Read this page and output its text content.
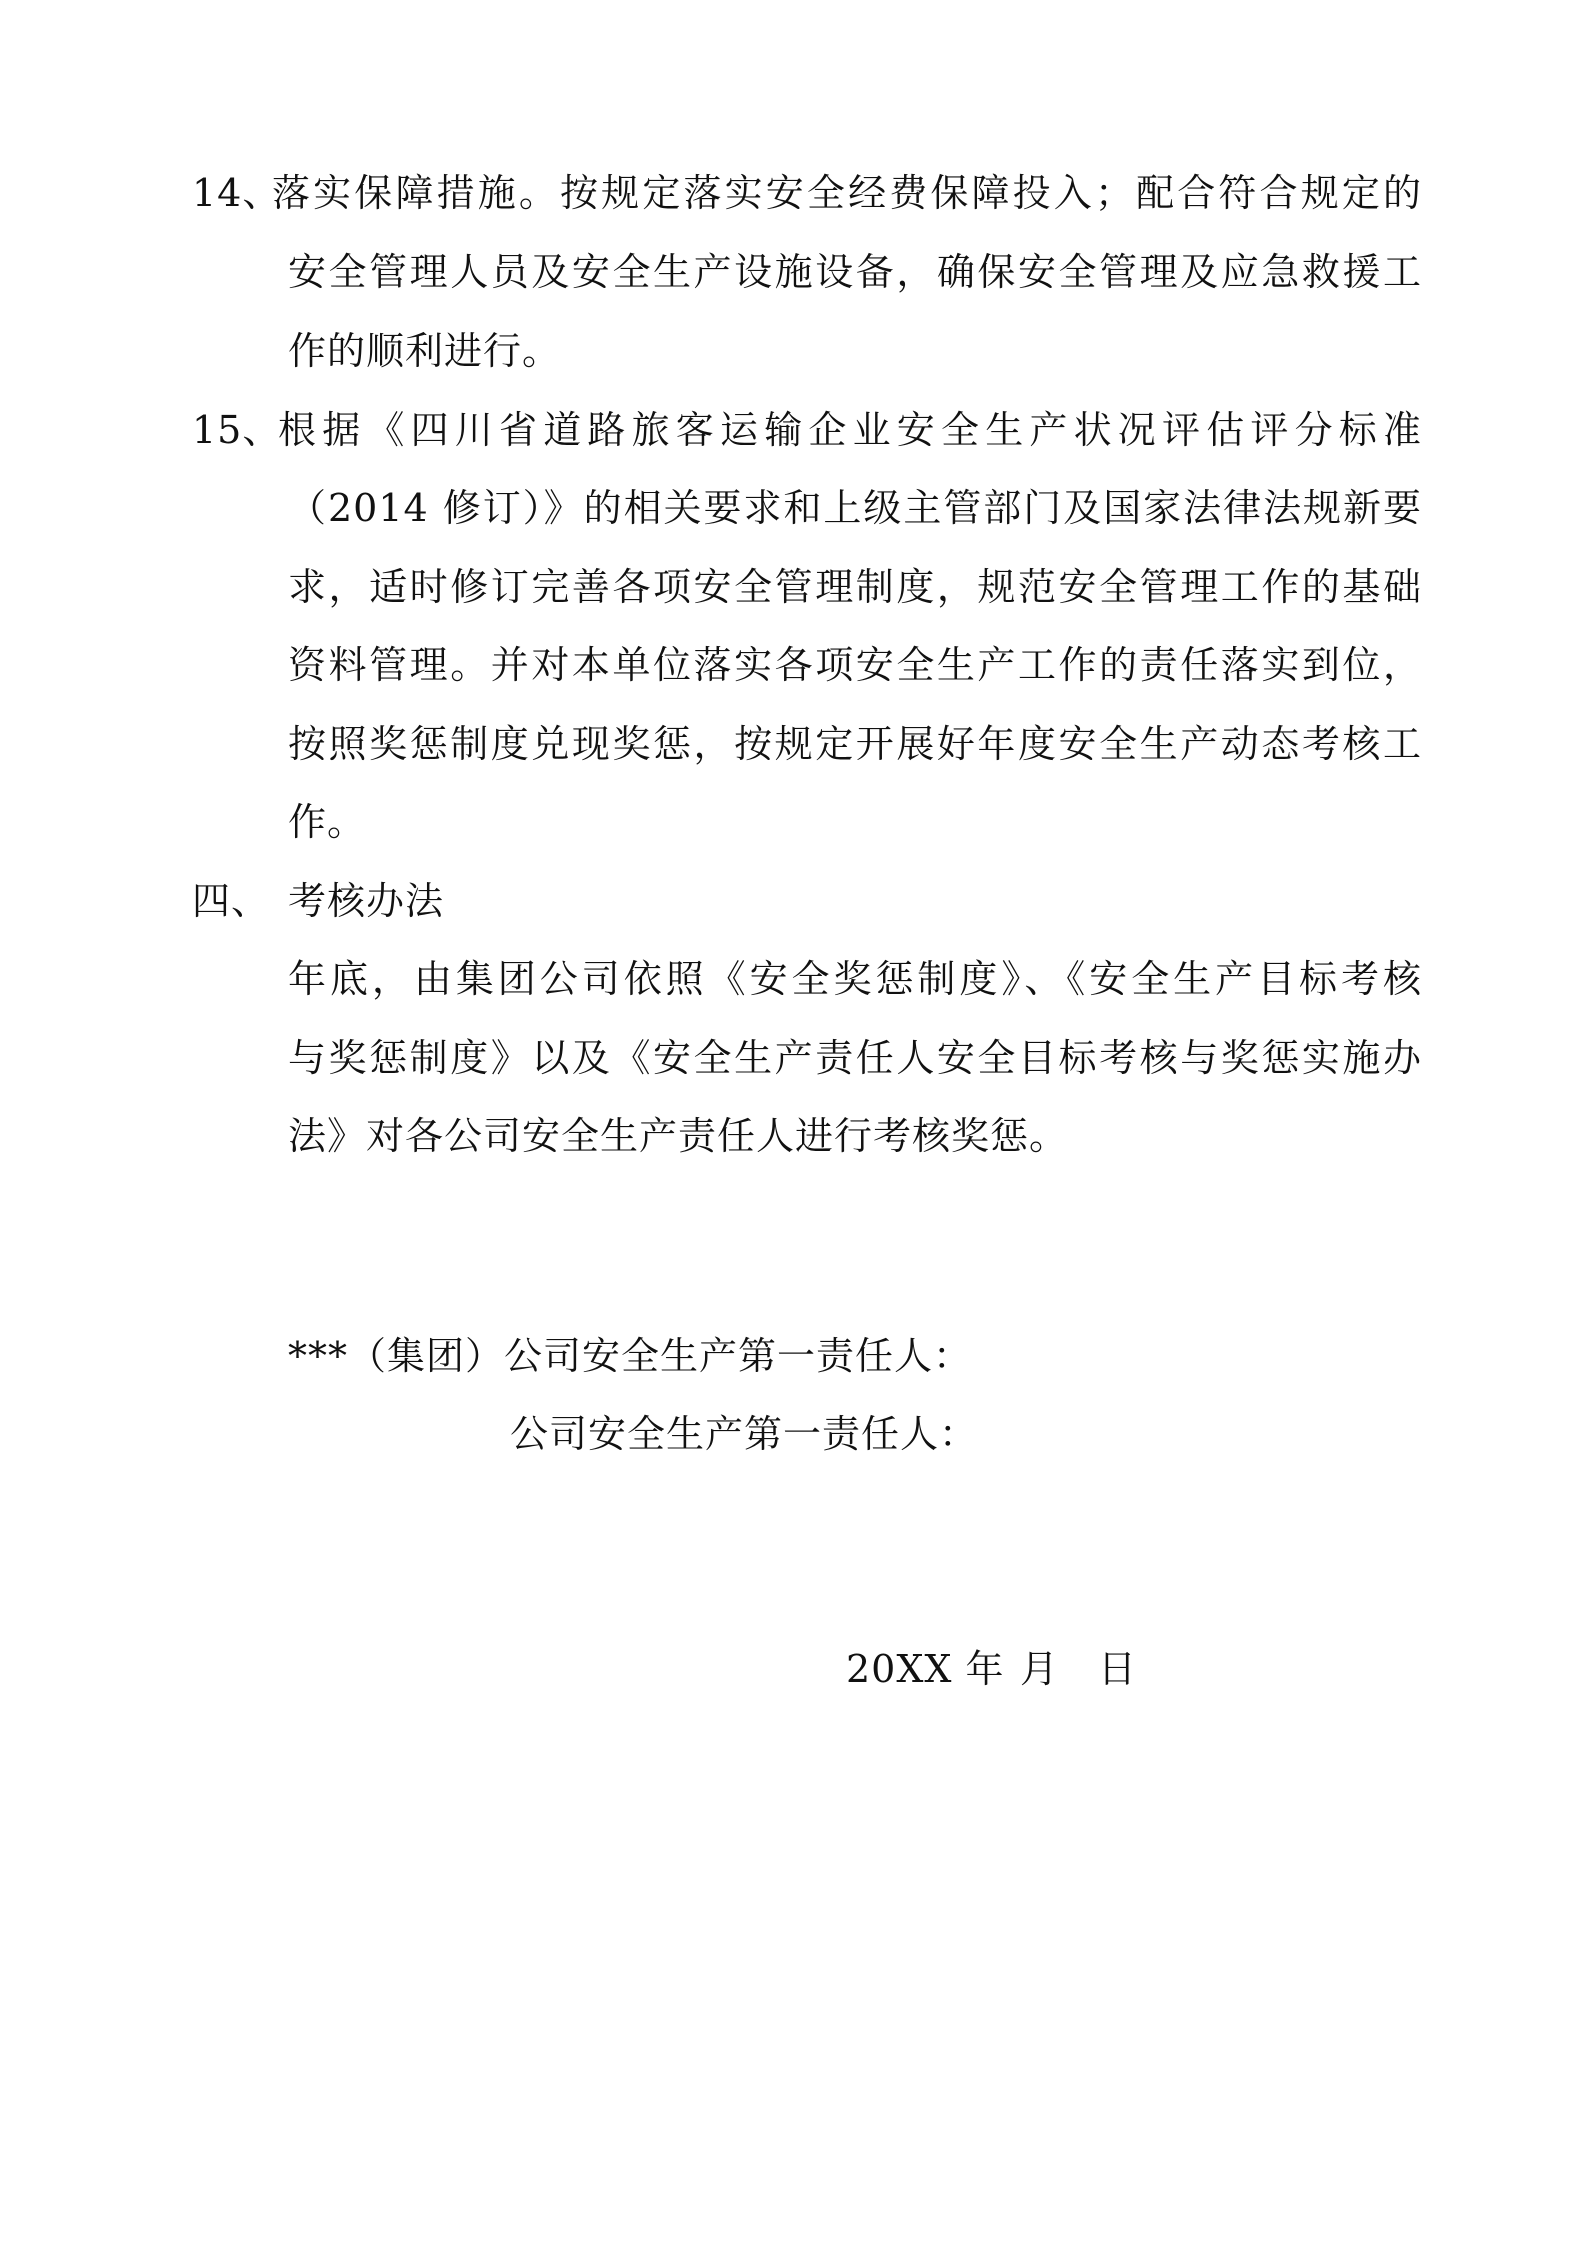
14、
落实保障措施。按规定落实安全经费保障投入；配合符合规定的
安全管理人员及安全生产设施设备，确保安全管理及应急救援工
作的顺利进行。
15、
根据《四川省道路旅客运输企业安全生产状况评估评分标准
（2014 修订）》的相关要求和上级主管部门及国家法律法规新要
求，适时修订完善各项安全管理制度，规范安全管理工作的基础
资料管理。并对本单位落实各项安全生产工作的责任落实到位，
按照奖惩制度兑现奖惩，按规定开展好年度安全生产动态考核工
作。
四、 考核办法
年底，由集团公司依照《安全奖惩制度》、《安全生产目标考核
与奖惩制度》以及《安全生产责任人安全目标考核与奖惩实施办
法》对各公司安全生产责任人进行考核奖惩。
***（集团）公司安全生产第一责任人：
公司安全生产第一责任人：
20XX 年 月 日
